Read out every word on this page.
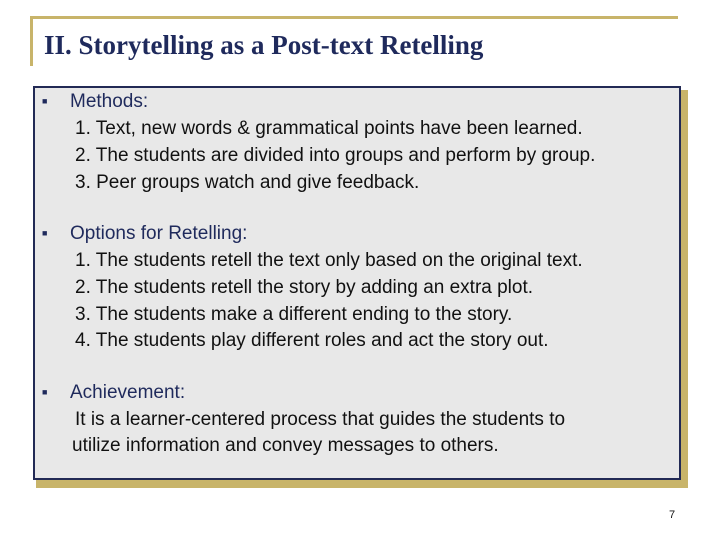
II. Storytelling as a Post-text Retelling
■ Methods:

1. Text, new words & grammatical points have been learned.

2. The students are divided into groups and perform by group.

3. Peer groups watch and give feedback.

■ Options for Retelling:

1. The students retell the text only based on the original text.

2. The students retell the story by adding an extra plot.

3. The students make a different ending to the story.

4. The students play different roles and act the story out.

■ Achievement:

It is a learner-centered process that guides the students to

utilize information and convey messages to others.

7
